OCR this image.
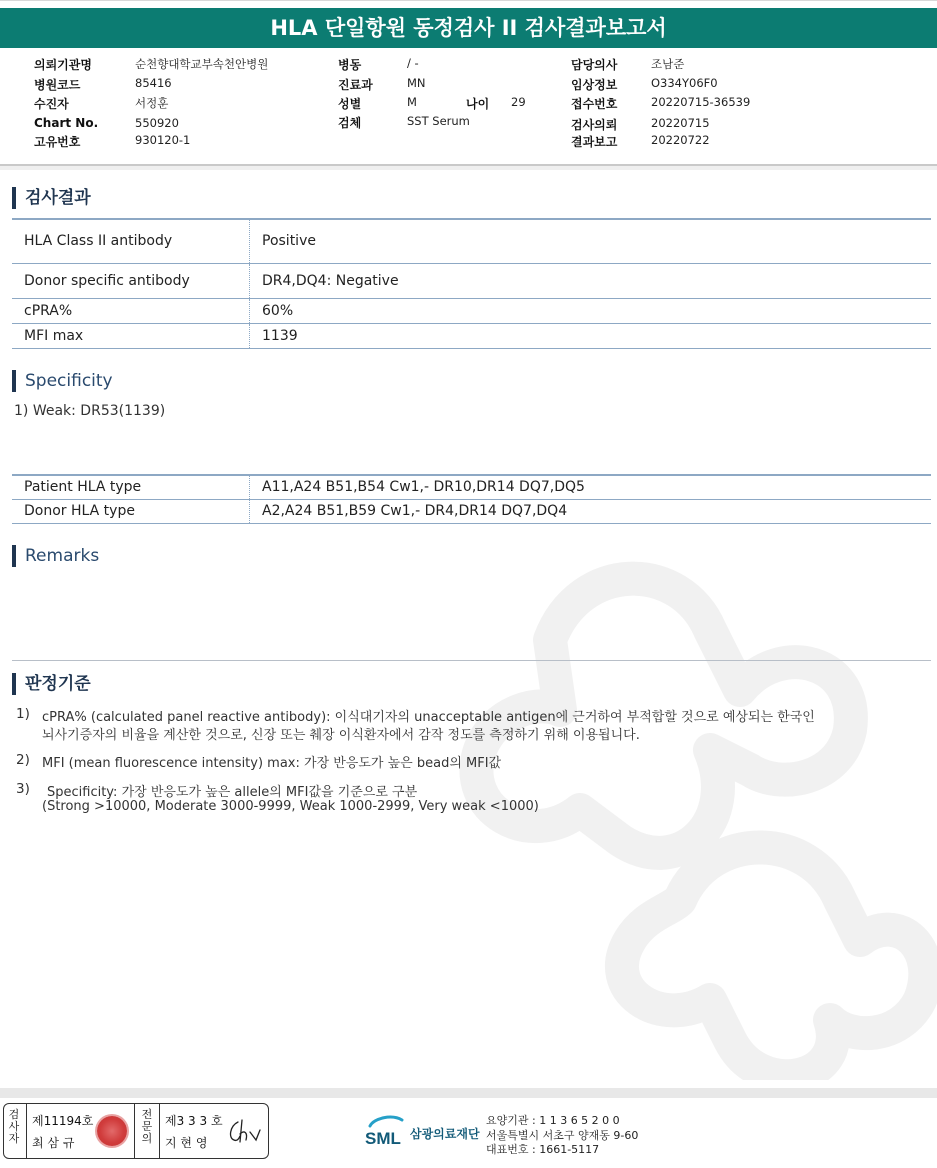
HLA 단일항원 동정검사 II 검사결과보고서
의뢰기관명	순천향대학교부속천안병원
병원코드	85416
수진자	서정훈
Chart No.	550920
고유번호	930120-1
병동	/ -
진료과	MN
성별	M	나이 29
검체	SST Serum
담당의사	조남준
임상정보	O334Y06F0
접수번호	20220715-36539
검사의뢰	20220715
결과보고	20220722
검사결과
HLA Class II antibody	Positive
Donor specific antibody	DR4,DQ4: Negative
cPRA%	60%
MFI max	1139
Specificity
1) Weak: DR53(1139)
Patient HLA type	A11,A24 B51,B54 Cw1,- DR10,DR14 DQ7,DQ5
Donor HLA type	A2,A24 B51,B59 Cw1,- DR4,DR14 DQ7,DQ4
Remarks
판정기준
1) cPRA% (calculated panel reactive antibody): 이식대기자의 unacceptable antigen에 근거하여 부적합할 것으로 예상되는 한국인
뇌사기증자의 비율을 계산한 것으로, 신장 또는 췌장 이식환자에서 감작 정도를 측정하기 위해 이용됩니다.
2) MFI (mean fluorescence intensity) max: 가장 반응도가 높은 bead의 MFI값
3) Specificity: 가장 반응도가 높은 allele의 MFI값을 기준으로 구분
(Strong >10000, Moderate 3000-9999, Weak 1000-2999, Very weak <1000)
검사자
제11194호
최 삼 규
전문의
제3 3 3 호
지 현 영	SML 삼광의료재단
요양기관 : 1 1 3 6 5 2 0 0
서울특별시 서초구 양재동 9-60
대표번호 : 1661-5117
